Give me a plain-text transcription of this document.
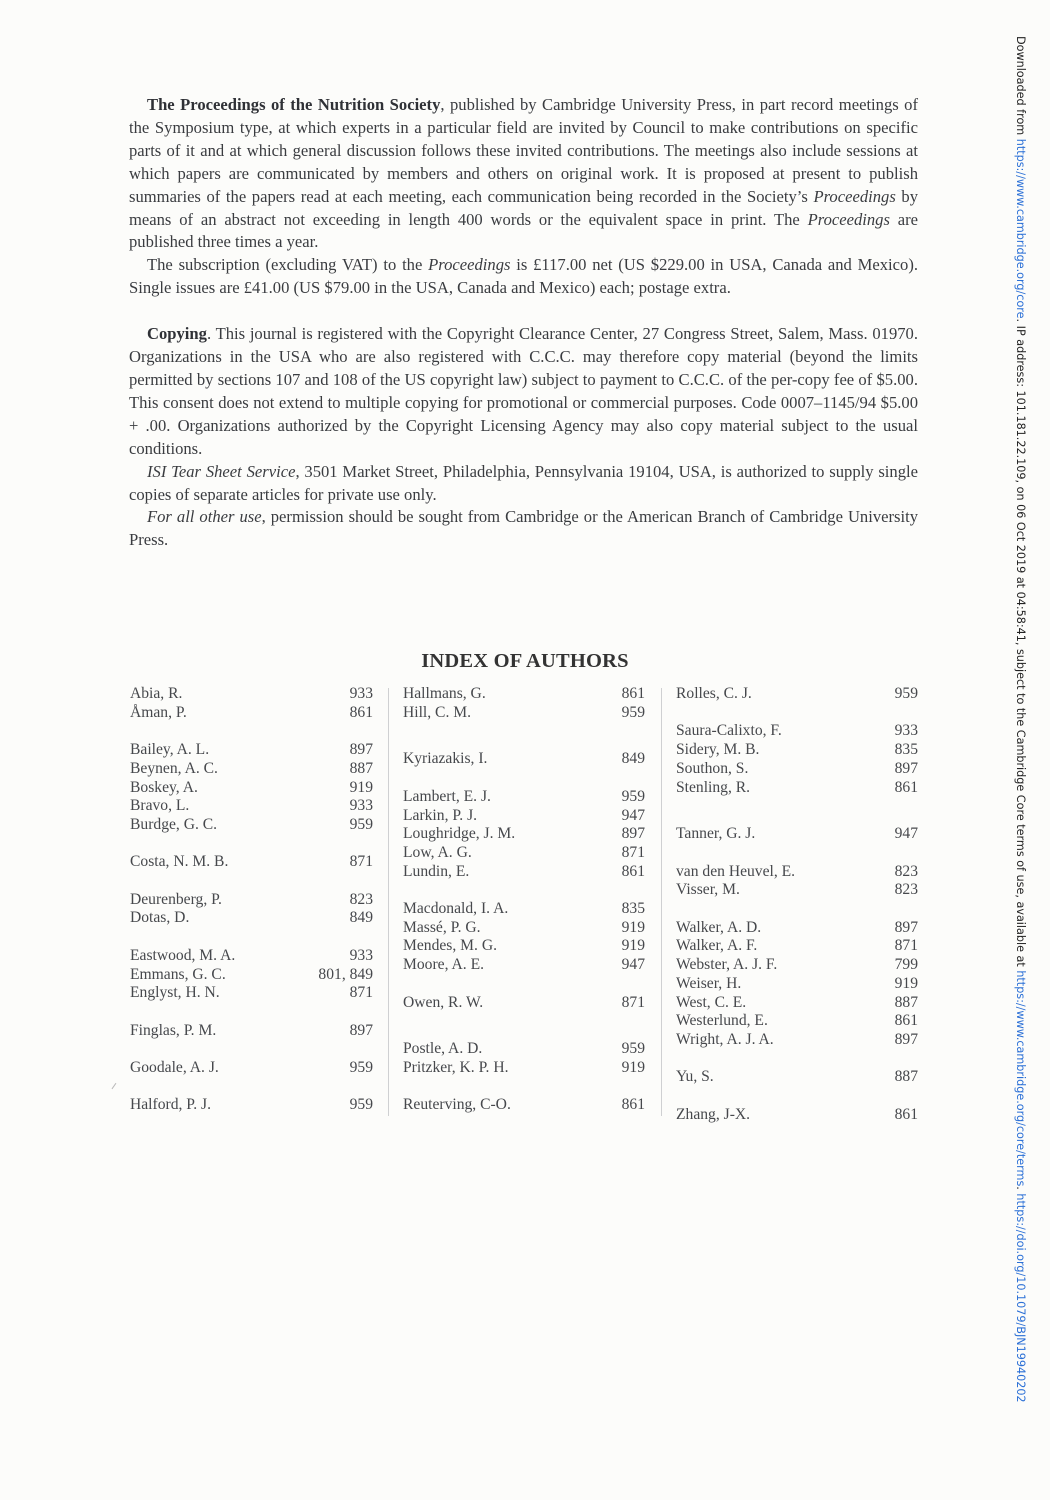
Downloaded from https://www.cambridge.org/core. IP address: 101.181.22.109, on 06 Oct 2019 at 04:58:41, subject to the Cambridge Core terms of use, available at https://www.cambridge.org/core/terms. https://doi.org/10.1079/BJN19940202

The Proceedings of the Nutrition Society, published by Cambridge University Press, in part record meetings of the Symposium type, at which experts in a particular field are invited by Council to make contributions on specific parts of it and at which general discussion follows these invited contributions. The meetings also include sessions at which papers are communicated by members and others on original work. It is proposed at present to publish summaries of the papers read at each meeting, each communication being recorded in the Society’s Proceedings by means of an abstract not exceeding in length 400 words or the equivalent space in print. The Proceedings are published three times a year.

The subscription (excluding VAT) to the Proceedings is £117.00 net (US $229.00 in USA, Canada and Mexico). Single issues are £41.00 (US $79.00 in the USA, Canada and Mexico) each; postage extra.

Copying. This journal is registered with the Copyright Clearance Center, 27 Congress Street, Salem, Mass. 01970. Organizations in the USA who are also registered with C.C.C. may therefore copy material (beyond the limits permitted by sections 107 and 108 of the US copyright law) subject to payment to C.C.C. of the per-copy fee of $5.00. This consent does not extend to multiple copying for promotional or commercial purposes. Code 0007–1145/94 $5.00 + .00. Organizations authorized by the Copyright Licensing Agency may also copy material subject to the usual conditions.

ISI Tear Sheet Service, 3501 Market Street, Philadelphia, Pennsylvania 19104, USA, is authorized to supply single copies of separate articles for private use only.

For all other use, permission should be sought from Cambridge or the American Branch of Cambridge University Press.

INDEX OF AUTHORS
Abia, R.	933
Åman, P.	861
Bailey, A. L.	897
Beynen, A. C.	887
Boskey, A.	919
Bravo, L.	933
Burdge, G. C.	959
Costa, N. M. B.	871
Deurenberg, P.	823
Dotas, D.	849
Eastwood, M. A.	933
Emmans, G. C.	801, 849
Englyst, H. N.	871
Finglas, P. M.	897
Goodale, A. J.	959
Halford, P. J.	959
Hallmans, G.	861
Hill, C. M.	959
Kyriazakis, I.	849
Lambert, E. J.	959
Larkin, P. J.	947
Loughridge, J. M.	897
Low, A. G.	871
Lundin, E.	861
Macdonald, I. A.	835
Massé, P. G.	919
Mendes, M. G.	919
Moore, A. E.	947
Owen, R. W.	871
Postle, A. D.	959
Pritzker, K. P. H.	919
Reuterving, C-O.	861
Rolles, C. J.	959
Saura-Calixto, F.	933
Sidery, M. B.	835
Southon, S.	897
Stenling, R.	861
Tanner, G. J.	947
van den Heuvel, E.	823
Visser, M.	823
Walker, A. D.	897
Walker, A. F.	871
Webster, A. J. F.	799
Weiser, H.	919
West, C. E.	887
Westerlund, E.	861
Wright, A. J. A.	897
Yu, S.	887
Zhang, J-X.	861
